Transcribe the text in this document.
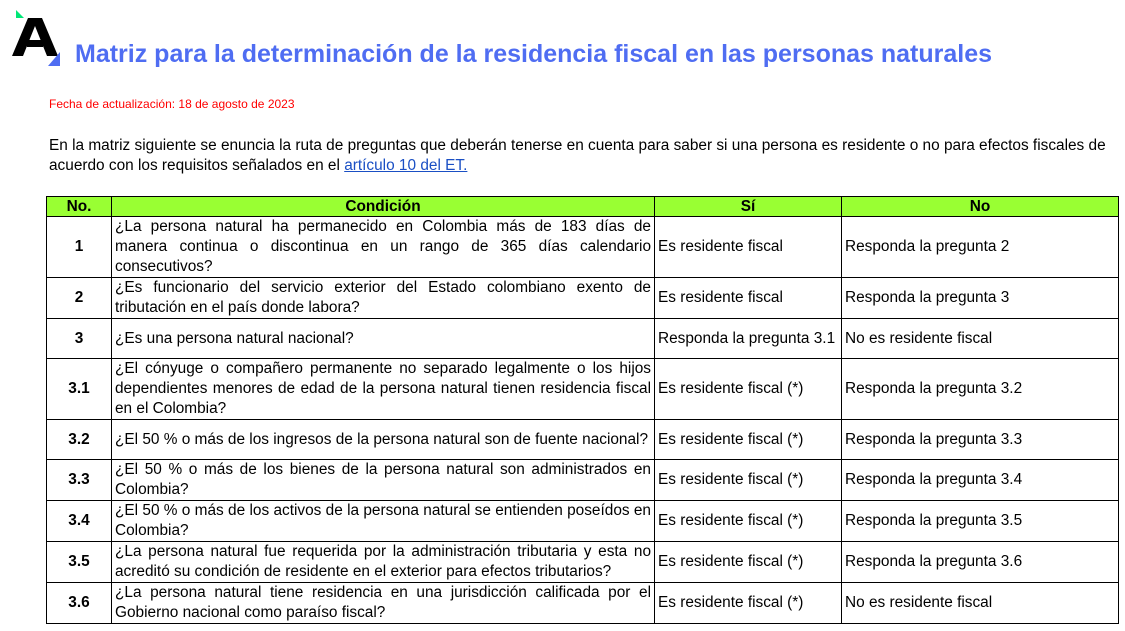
Matriz para la determinación de la residencia fiscal en las personas naturales
Fecha de actualización: 18 de agosto de 2023

En la matriz siguiente se enuncia la ruta de preguntas que deberán tenerse en cuenta para saber si una persona es residente o no para efectos fiscales de acuerdo con los requisitos señalados en el artículo 10 del ET.

No.	Condición	Sí	No
1	¿La persona natural ha permanecido en Colombia más de 183 días de manera continua o discontinua en un rango de 365 días calendario consecutivos?	Es residente fiscal	Responda la pregunta 2
2	¿Es funcionario del servicio exterior del Estado colombiano exento de tributación en el país donde labora?	Es residente fiscal	Responda la pregunta 3
3	¿Es una persona natural nacional?	Responda la pregunta 3.1	No es residente fiscal
3.1	¿El cónyuge o compañero permanente no separado legalmente o los hijos dependientes menores de edad de la persona natural tienen residencia fiscal en el Colombia?	Es residente fiscal (*)	Responda la pregunta 3.2
3.2	¿El 50 % o más de los ingresos de la persona natural son de fuente nacional?	Es residente fiscal (*)	Responda la pregunta 3.3
3.3	¿El 50 % o más de los bienes de la persona natural son administrados en Colombia?	Es residente fiscal (*)	Responda la pregunta 3.4
3.4	¿El 50 % o más de los activos de la persona natural se entienden poseídos en Colombia?	Es residente fiscal (*)	Responda la pregunta 3.5
3.5	¿La persona natural fue requerida por la administración tributaria y esta no acreditó su condición de residente en el exterior para efectos tributarios?	Es residente fiscal (*)	Responda la pregunta 3.6
3.6	¿La persona natural tiene residencia en una jurisdicción calificada por el Gobierno nacional como paraíso fiscal?	Es residente fiscal (*)	No es residente fiscal
